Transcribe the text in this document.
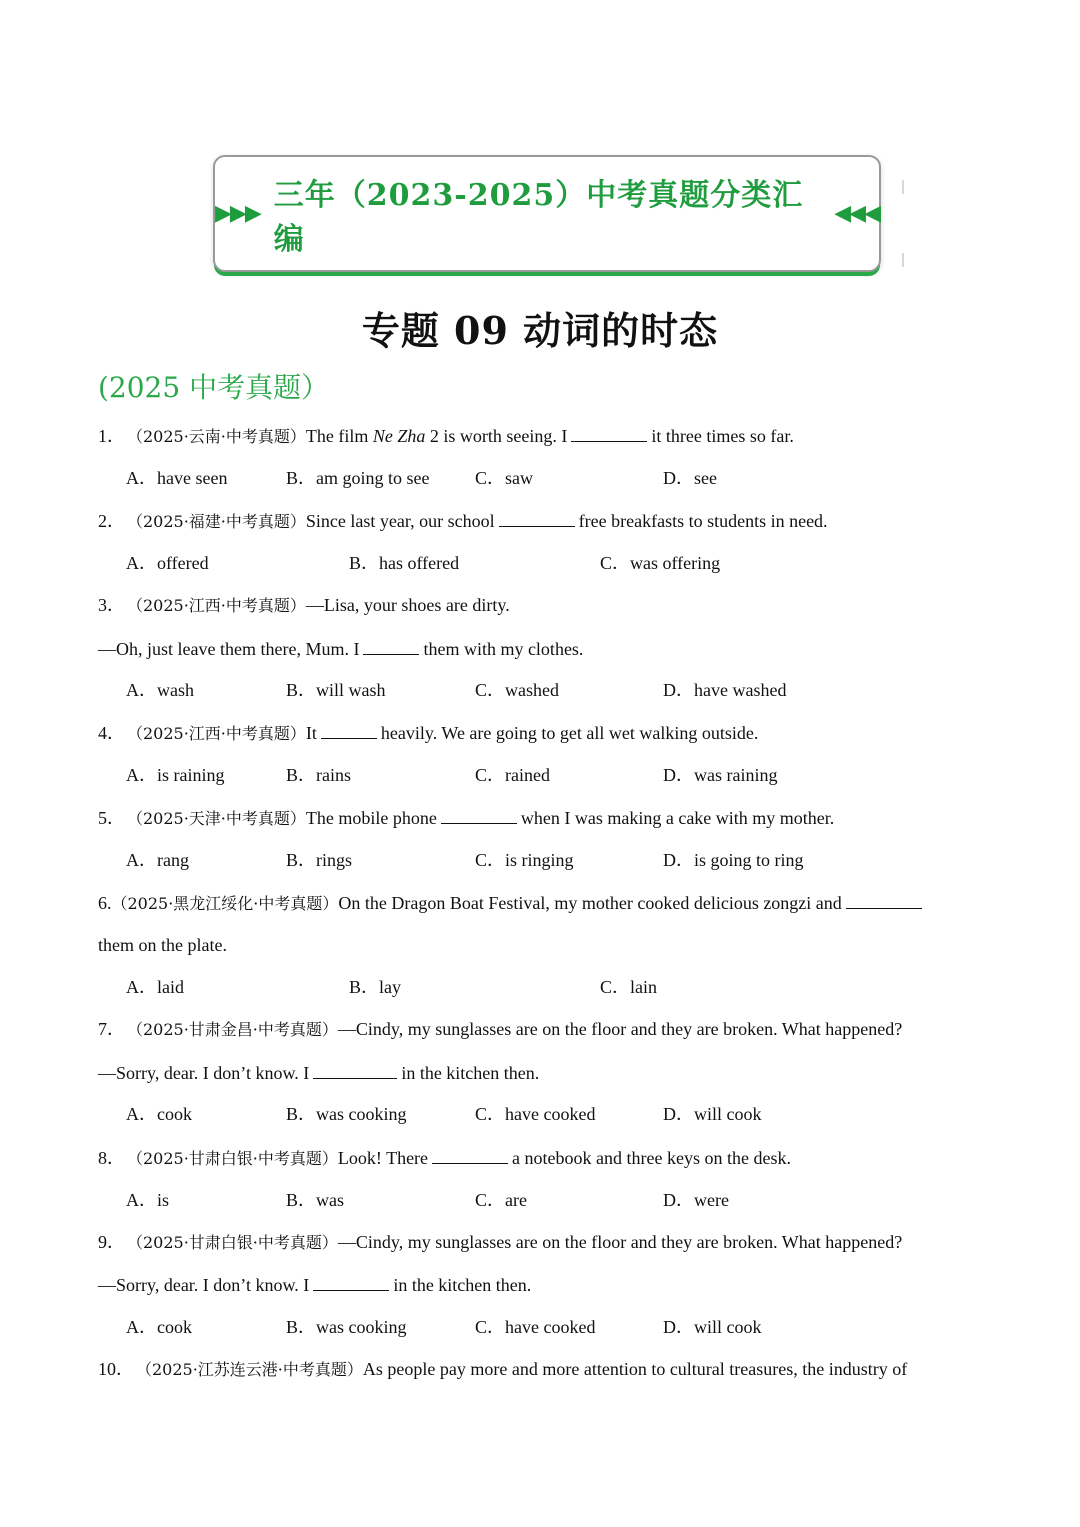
▶▶▶
三年（2023-2025）中考真题分类汇编
◀◀◀
专题 09 动词的时态
(2025 中考真题）
1． （2025·云南·中考真题）The film Ne Zha 2 is worth seeing. I	it three times so far.
A．have seen	B．am going to see	C．saw	D．see
2． （2025·福建·中考真题）Since last year, our school	free breakfasts to students in need.
A．offered	B．has offered	C．was offering
3． （2025·江西·中考真题）—Lisa, your shoes are dirty.
—Oh, just leave them there, Mum. I	them with my clothes.
A．wash	B．will wash	C．washed	D．have washed
4． （2025·江西·中考真题）It	heavily. We are going to get all wet walking outside.
A．is raining	B．rains	C．rained	D．was raining
5． （2025·天津·中考真题）The mobile phone	when I was making a cake with my mother.
A．rang	B．rings	C．is ringing	D．is going to ring
6.（2025·黑龙江绥化·中考真题）On the Dragon Boat Festival, my mother cooked delicious zongzi and
them on the plate.
A．laid	B．lay	C．lain
7． （2025·甘肃金昌·中考真题）—Cindy, my sunglasses are on the floor and they are broken. What happened?
—Sorry, dear. I don’t know. I	in the kitchen then.
A．cook	B．was cooking	C．have cooked	D．will cook
8． （2025·甘肃白银·中考真题）Look! There	a notebook and three keys on the desk.
A．is	B．was	C．are	D．were
9． （2025·甘肃白银·中考真题）—Cindy, my sunglasses are on the floor and they are broken. What happened?
—Sorry, dear. I don’t know. I	in the kitchen then.
A．cook	B．was cooking	C．have cooked	D．will cook
10． （2025·江苏连云港·中考真题）As people pay more and more attention to cultural treasures, the industry of
